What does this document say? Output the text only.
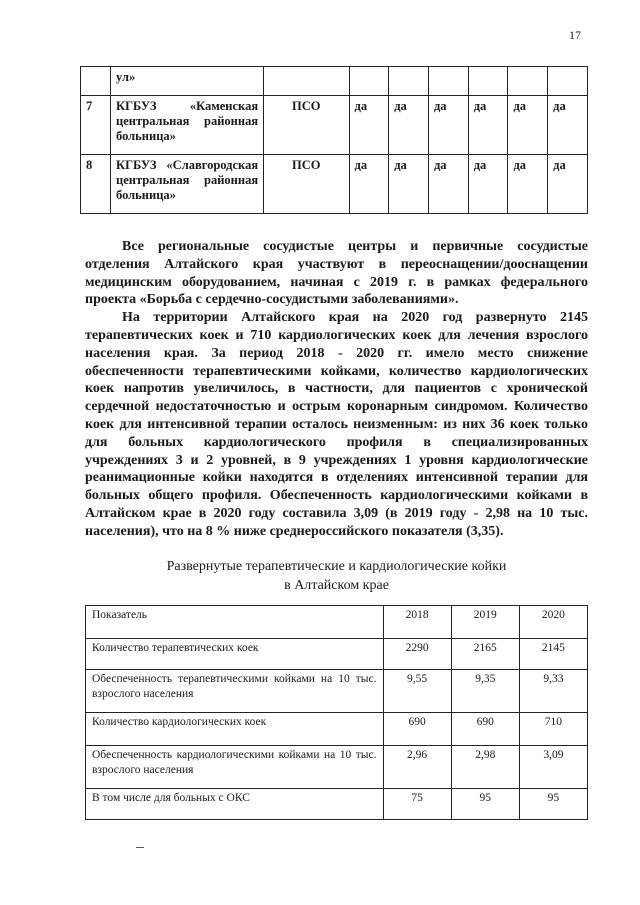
17
	ул»							
7	КГБУЗ «Каменская центральная районная больница»	ПСО	да	да	да	да	да	да
8	КГБУЗ «Славгородская центральная районная больница»	ПСО	да	да	да	да	да	да

Все региональные сосудистые центры и первичные сосудистые отделения Алтайского края участвуют в переоснащении/дооснащении медицинским оборудованием, начиная с 2019 г. в рамках федерального проекта «Борьба с сердечно-сосудистыми заболеваниями».

На территории Алтайского края на 2020 год развернуто 2145 терапевтических коек и 710 кардиологических коек для лечения взрослого населения края. За период 2018 - 2020 гг. имело место снижение обеспеченности терапевтическими койками, количество кардиологических коек напротив увеличилось, в частности, для пациентов с хронической сердечной недостаточностью и острым коронарным синдромом. Количество коек для интенсивной терапии осталось неизменным: из них 36 коек только для больных кардиологического профиля в специализированных учреждениях 3 и 2 уровней, в 9 учреждениях 1 уровня кардиологические реанимационные койки находятся в отделениях интенсивной терапии для больных общего профиля. Обеспеченность кардиологическими койками в Алтайском крае в 2020 году составила 3,09 (в 2019 году - 2,98 на 10 тыс. населения), что на 8 % ниже среднероссийского показателя (3,35).

Развернутые терапевтические и кардиологические койки
в Алтайском крае
Показатель	2018	2019	2020
Количество терапевтических коек	2290	2165	2145
Обеспеченность терапевтическими койками на 10 тыс. взрослого населения	9,55	9,35	9,33
Количество кардиологических коек	690	690	710
Обеспеченность кардиологическими койками на 10 тыс. взрослого населения	2,96	2,98	3,09
В том числе для больных с ОКС	75	95	95
